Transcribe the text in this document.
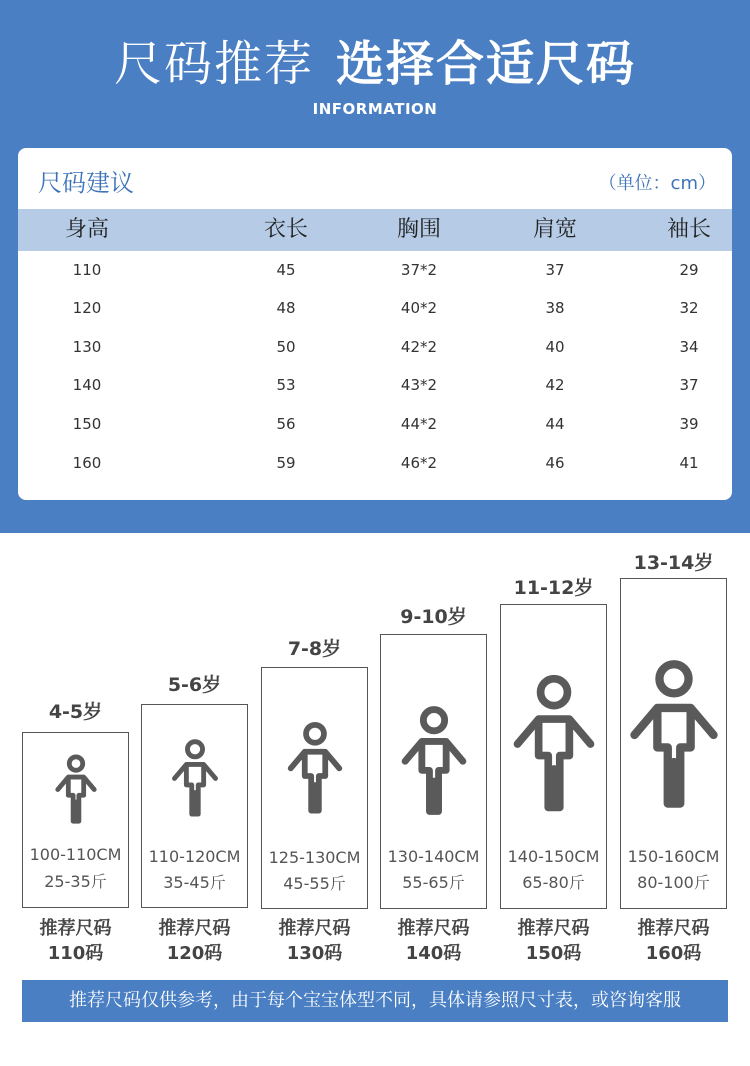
尺码推荐 选择合适尺码
INFORMATION
尺码建议	（单位：cm）
身高	衣长	胸围	肩宽	袖长
110	45	37*2	37	29
120	48	40*2	38	32
130	50	42*2	40	34
140	53	43*2	42	37
150	56	44*2	44	39
160	59	46*2	46	41
4-5岁
100-110CM
25-35斤
推荐尺码
110码
5-6岁
110-120CM
35-45斤
推荐尺码
120码
7-8岁
125-130CM
45-55斤
推荐尺码
130码
9-10岁
130-140CM
55-65斤
推荐尺码
140码
11-12岁
140-150CM
65-80斤
推荐尺码
150码
13-14岁
150-160CM
80-100斤
推荐尺码
160码
推荐尺码仅供参考，由于每个宝宝体型不同，具体请参照尺寸表，或咨询客服
